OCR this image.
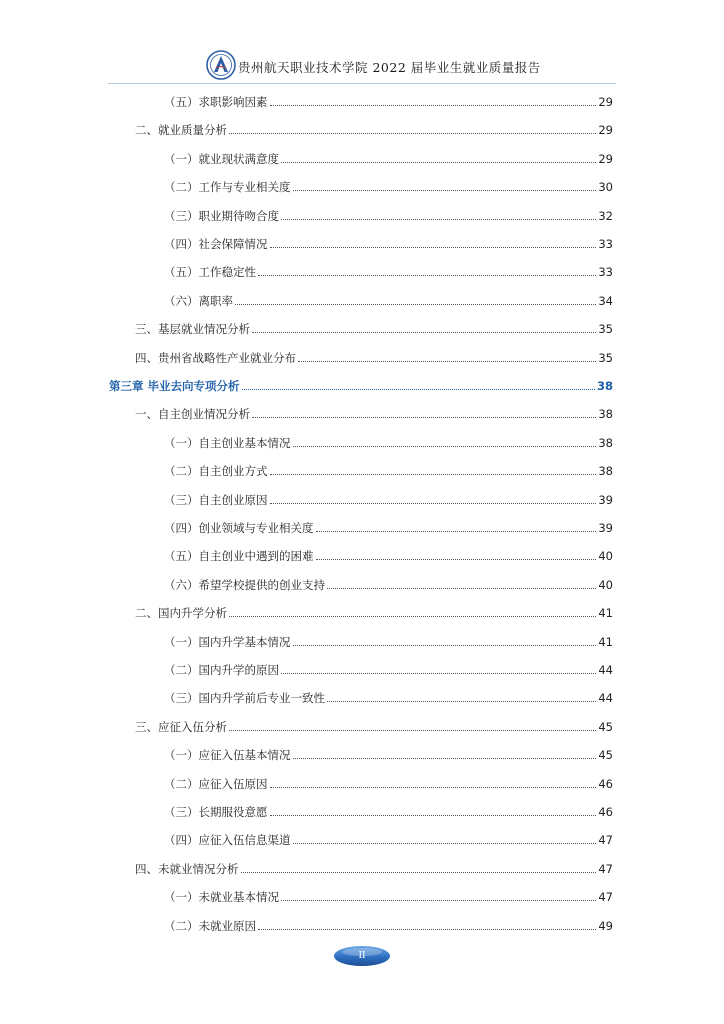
贵州航天职业技术学院 2022 届毕业生就业质量报告
（五）求职影响因素	29
二、就业质量分析	29
（一）就业现状满意度	29
（二）工作与专业相关度	30
（三）职业期待吻合度	32
（四）社会保障情况	33
（五）工作稳定性	33
（六）离职率	34
三、基层就业情况分析	35
四、贵州省战略性产业就业分布	35
第三章 毕业去向专项分析	38
一、自主创业情况分析	38
（一）自主创业基本情况	38
（二）自主创业方式	38
（三）自主创业原因	39
（四）创业领域与专业相关度	39
（五）自主创业中遇到的困难	40
（六）希望学校提供的创业支持	40
二、国内升学分析	41
（一）国内升学基本情况	41
（二）国内升学的原因	44
（三）国内升学前后专业一致性	44
三、应征入伍分析	45
（一）应征入伍基本情况	45
（二）应征入伍原因	46
（三）长期服役意愿	46
（四）应征入伍信息渠道	47
四、未就业情况分析	47
（一）未就业基本情况	47
（二）未就业原因	49
II
